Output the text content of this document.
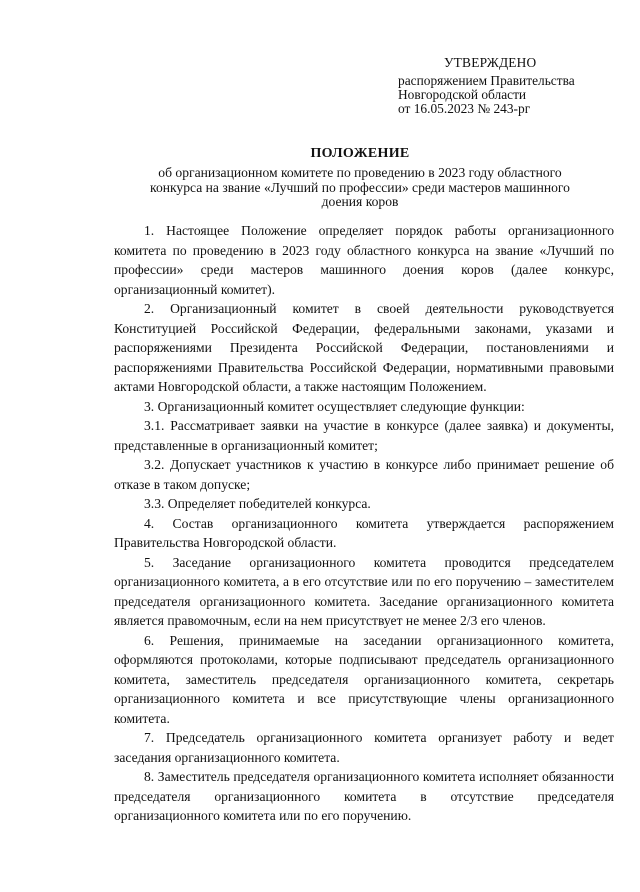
УТВЕРЖДЕНО
распоряжением Правительства
Новгородской области
от 16.05.2023 № 243-рг
ПОЛОЖЕНИЕ
об организационном комитете по проведению в 2023 году областного
конкурса на звание «Лучший по профессии» среди мастеров машинного
доения коров

1. Настоящее Положение определяет порядок работы организационного комитета по проведению в 2023 году областного конкурса на звание «Лучший по профессии» среди мастеров машинного доения коров (далее конкурс, организационный комитет).

2. Организационный комитет в своей деятельности руководствуется Конституцией Российской Федерации, федеральными законами, указами и распоряжениями Президента Российской Федерации, постановлениями и распоряжениями Правительства Российской Федерации, нормативными правовыми актами Новгородской области, а также настоящим Положением.

3. Организационный комитет осуществляет следующие функции:

3.1. Рассматривает заявки на участие в конкурсе (далее заявка) и документы, представленные в организационный комитет;

3.2. Допускает участников к участию в конкурсе либо принимает решение об отказе в таком допуске;

3.3. Определяет победителей конкурса.

4. Состав организационного комитета утверждается распоряжением Правительства Новгородской области.

5. Заседание организационного комитета проводится председателем организационного комитета, а в его отсутствие или по его поручению – заместителем председателя организационного комитета. Заседание организационного комитета является правомочным, если на нем присутствует не менее 2/3 его членов.

6. Решения, принимаемые на заседании организационного комитета, оформляются протоколами, которые подписывают председатель организационного комитета, заместитель председателя организационного комитета, секретарь организационного комитета и все присутствующие члены организационного комитета.

7. Председатель организационного комитета организует работу и ведет заседания организационного комитета.

8. Заместитель председателя организационного комитета исполняет обязанности председателя организационного комитета в отсутствие председателя организационного комитета или по его поручению.
